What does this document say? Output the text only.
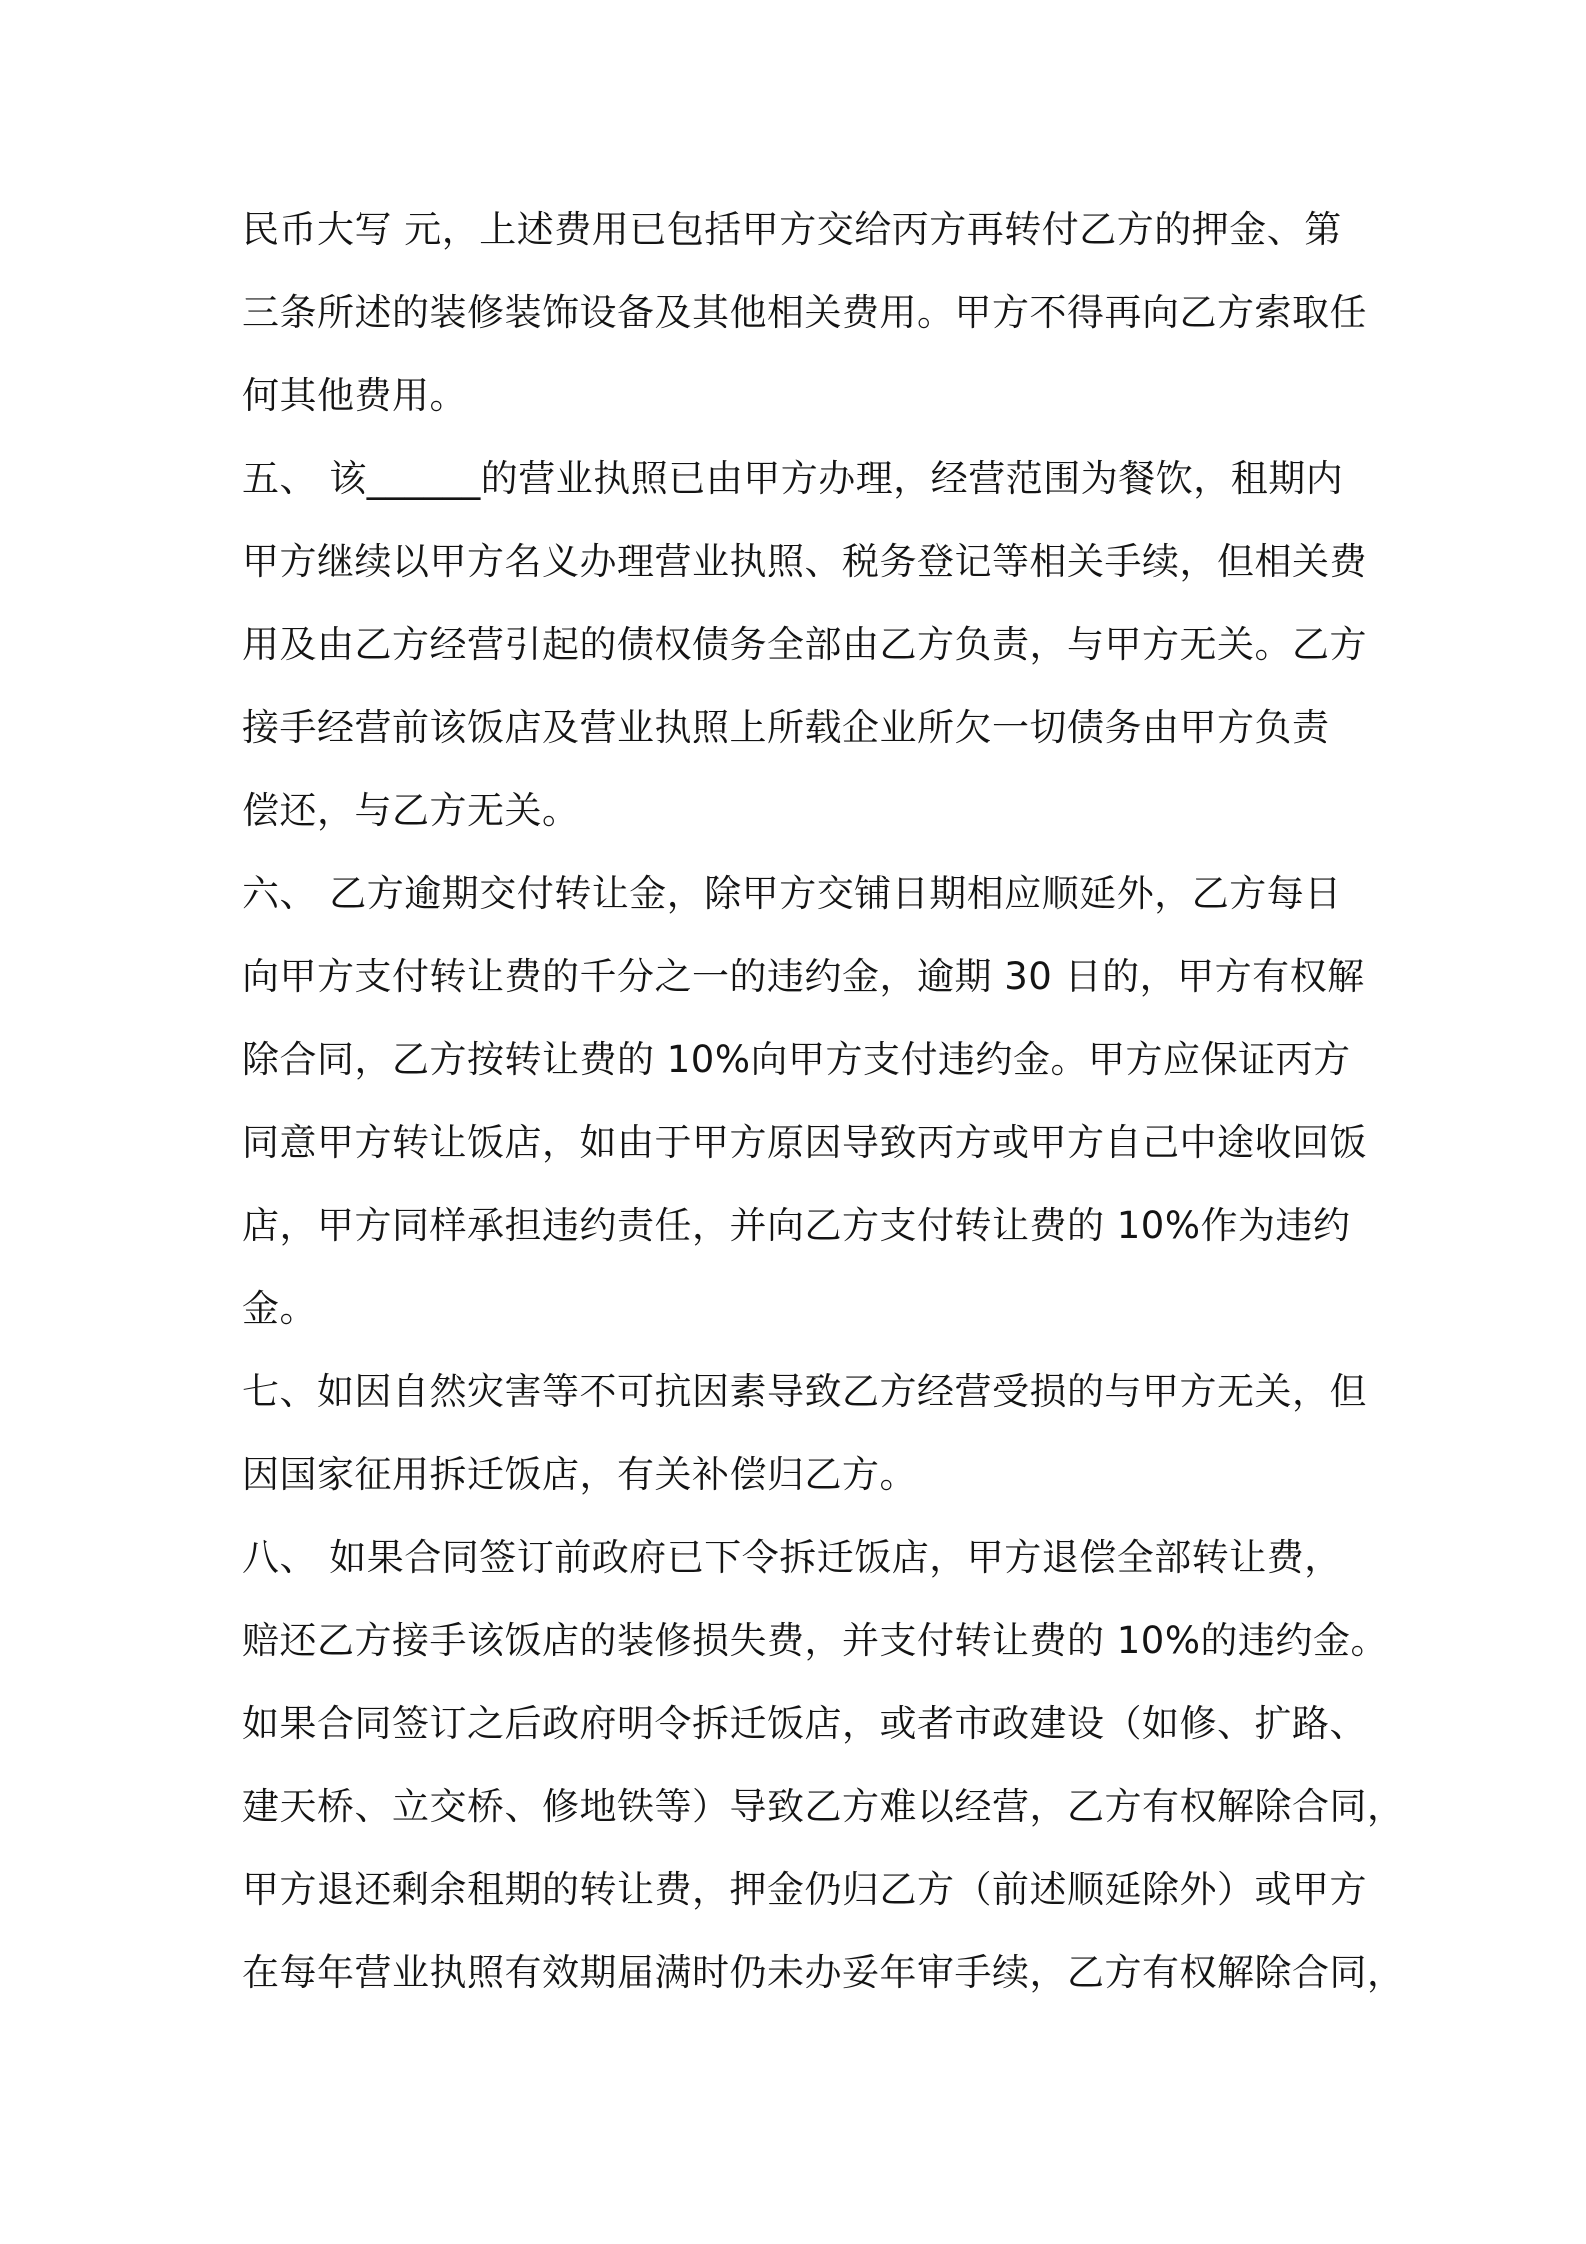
民币大写 元，上述费用已包括甲方交给丙方再转付乙方的押金、第
三条所述的装修装饰设备及其他相关费用。甲方不得再向乙方索取任
何其他费用。
五、 该______的营业执照已由甲方办理，经营范围为餐饮，租期内
甲方继续以甲方名义办理营业执照、税务登记等相关手续，但相关费
用及由乙方经营引起的债权债务全部由乙方负责，与甲方无关。乙方
接手经营前该饭店及营业执照上所载企业所欠一切债务由甲方负责
偿还，与乙方无关。
六、 乙方逾期交付转让金，除甲方交铺日期相应顺延外，乙方每日
向甲方支付转让费的千分之一的违约金，逾期 30 日的，甲方有权解
除合同，乙方按转让费的 10%向甲方支付违约金。甲方应保证丙方
同意甲方转让饭店，如由于甲方原因导致丙方或甲方自己中途收回饭
店，甲方同样承担违约责任，并向乙方支付转让费的 10%作为违约
金。
七、如因自然灾害等不可抗因素导致乙方经营受损的与甲方无关，但
因国家征用拆迁饭店，有关补偿归乙方。
八、 如果合同签订前政府已下令拆迁饭店，甲方退偿全部转让费，
赔还乙方接手该饭店的装修损失费，并支付转让费的 10%的违约金。
如果合同签订之后政府明令拆迁饭店，或者市政建设（如修、扩路、
建天桥、立交桥、修地铁等）导致乙方难以经营，乙方有权解除合同，
甲方退还剩余租期的转让费，押金仍归乙方（前述顺延除外）或甲方
在每年营业执照有效期届满时仍未办妥年审手续，乙方有权解除合同，
